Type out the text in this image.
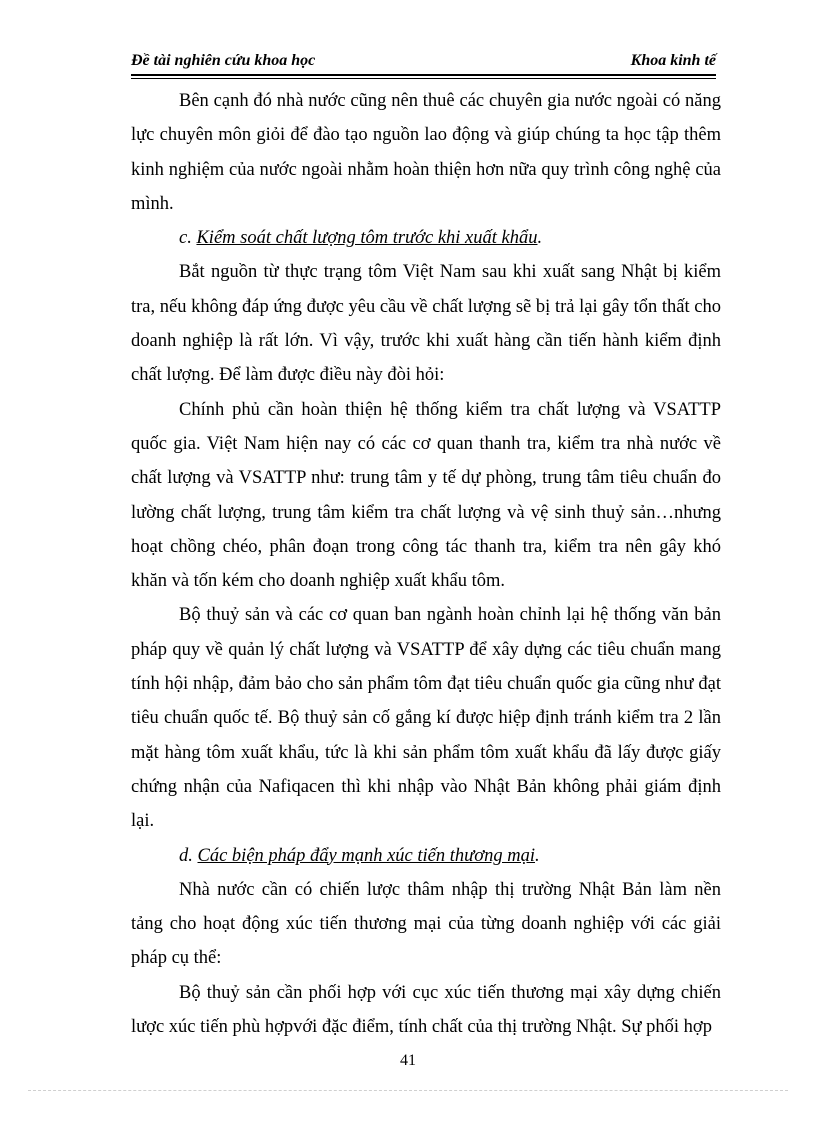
Đề tài nghiên cứu khoa học	Khoa kinh tế

Bên cạnh đó nhà nước cũng nên thuê các chuyên gia nước ngoài có năng lực chuyên môn giỏi để đào tạo nguồn lao động và giúp chúng ta học tập thêm kinh nghiệm của nước ngoài nhằm hoàn thiện hơn nữa quy trình công nghệ của mình.

c. Kiểm soát chất lượng tôm trước khi xuất khẩu.

Bắt nguồn từ thực trạng tôm Việt Nam sau khi xuất sang Nhật bị kiểm tra, nếu không đáp ứng được yêu cầu về chất lượng sẽ bị trả lại gây tổn thất cho doanh nghiệp là rất lớn. Vì vậy, trước khi xuất hàng cần tiến hành kiểm định chất lượng. Để làm được điều này đòi hỏi:

Chính phủ cần hoàn thiện hệ thống kiểm tra chất lượng và VSATTP quốc gia. Việt Nam hiện nay có các cơ quan thanh tra, kiểm tra nhà nước về chất lượng và VSATTP như: trung tâm y tế dự phòng, trung tâm tiêu chuẩn đo lường chất lượng, trung tâm kiểm tra chất lượng và vệ sinh thuỷ sản…nhưng hoạt chồng chéo, phân đoạn trong công tác thanh tra, kiểm tra nên gây khó khăn và tốn kém cho doanh nghiệp xuất khẩu tôm.

Bộ thuỷ sản và các cơ quan ban ngành hoàn chỉnh lại hệ thống văn bản pháp quy về quản lý chất lượng và VSATTP để xây dựng các tiêu chuẩn mang tính hội nhập, đảm bảo cho sản phẩm tôm đạt tiêu chuẩn quốc gia cũng như đạt tiêu chuẩn quốc tế. Bộ thuỷ sản cố gắng kí được hiệp định tránh kiểm tra 2 lần mặt hàng tôm xuất khẩu, tức là khi sản phẩm tôm xuất khẩu đã lấy được giấy chứng nhận của Nafiqacen thì khi nhập vào Nhật Bản không phải giám định lại.

d. Các biện pháp đẩy mạnh xúc tiến thương mại.

Nhà nước cần có chiến lược thâm nhập thị trường Nhật Bản làm nền tảng cho hoạt động xúc tiến thương mại của từng doanh nghiệp với các giải pháp cụ thể:

Bộ thuỷ sản cần phối hợp với cục xúc tiến thương mại xây dựng chiến lược xúc tiến phù hợpvới đặc điểm, tính chất của thị trường Nhật. Sự phối hợp

41
